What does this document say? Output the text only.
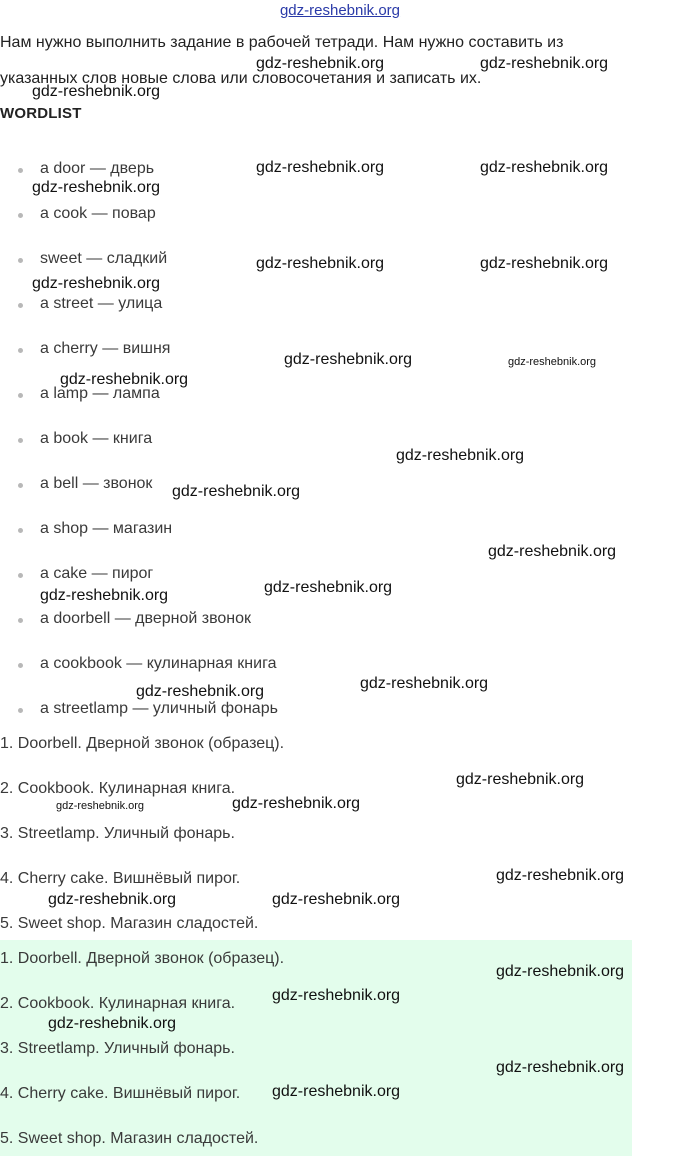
gdz-reshebnik.org
Нам нужно выполнить задание в рабочей тетради. Нам нужно составить из
указанных слов новые слова или словосочетания и записать их.
WORDLIST
a door — дверь
a cook — повар
sweet — сладкий
a street — улица
a cherry — вишня
a lamp — лампа
a book — книга
a bell — звонок
a shop — магазин
a cake — пирог
a doorbell — дверной звонок
a cookbook — кулинарная книга
a streetlamp — уличный фонарь
1. Doorbell. Дверной звонок (образец).
2. Cookbook. Кулинарная книга.
3. Streetlamp. Уличный фонарь.
4. Cherry cake. Вишнёвый пирог.
5. Sweet shop. Магазин сладостей.
1. Doorbell. Дверной звонок (образец).
2. Cookbook. Кулинарная книга.
3. Streetlamp. Уличный фонарь.
4. Cherry cake. Вишнёвый пирог.
5. Sweet shop. Магазин сладостей.
gdz-reshebnik.org	gdz-reshebnik.org
gdz-reshebnik.org
gdz-reshebnik.org	gdz-reshebnik.org
gdz-reshebnik.org
gdz-reshebnik.org	gdz-reshebnik.org
gdz-reshebnik.org
gdz-reshebnik.org	gdz-reshebnik.org
gdz-reshebnik.org
gdz-reshebnik.org
gdz-reshebnik.org
gdz-reshebnik.org
gdz-reshebnik.org
gdz-reshebnik.org
gdz-reshebnik.org
gdz-reshebnik.org
gdz-reshebnik.org
gdz-reshebnik.org
gdz-reshebnik.org
gdz-reshebnik.org
gdz-reshebnik.org	gdz-reshebnik.org
gdz-reshebnik.org
gdz-reshebnik.org
gdz-reshebnik.org
gdz-reshebnik.org
gdz-reshebnik.org
